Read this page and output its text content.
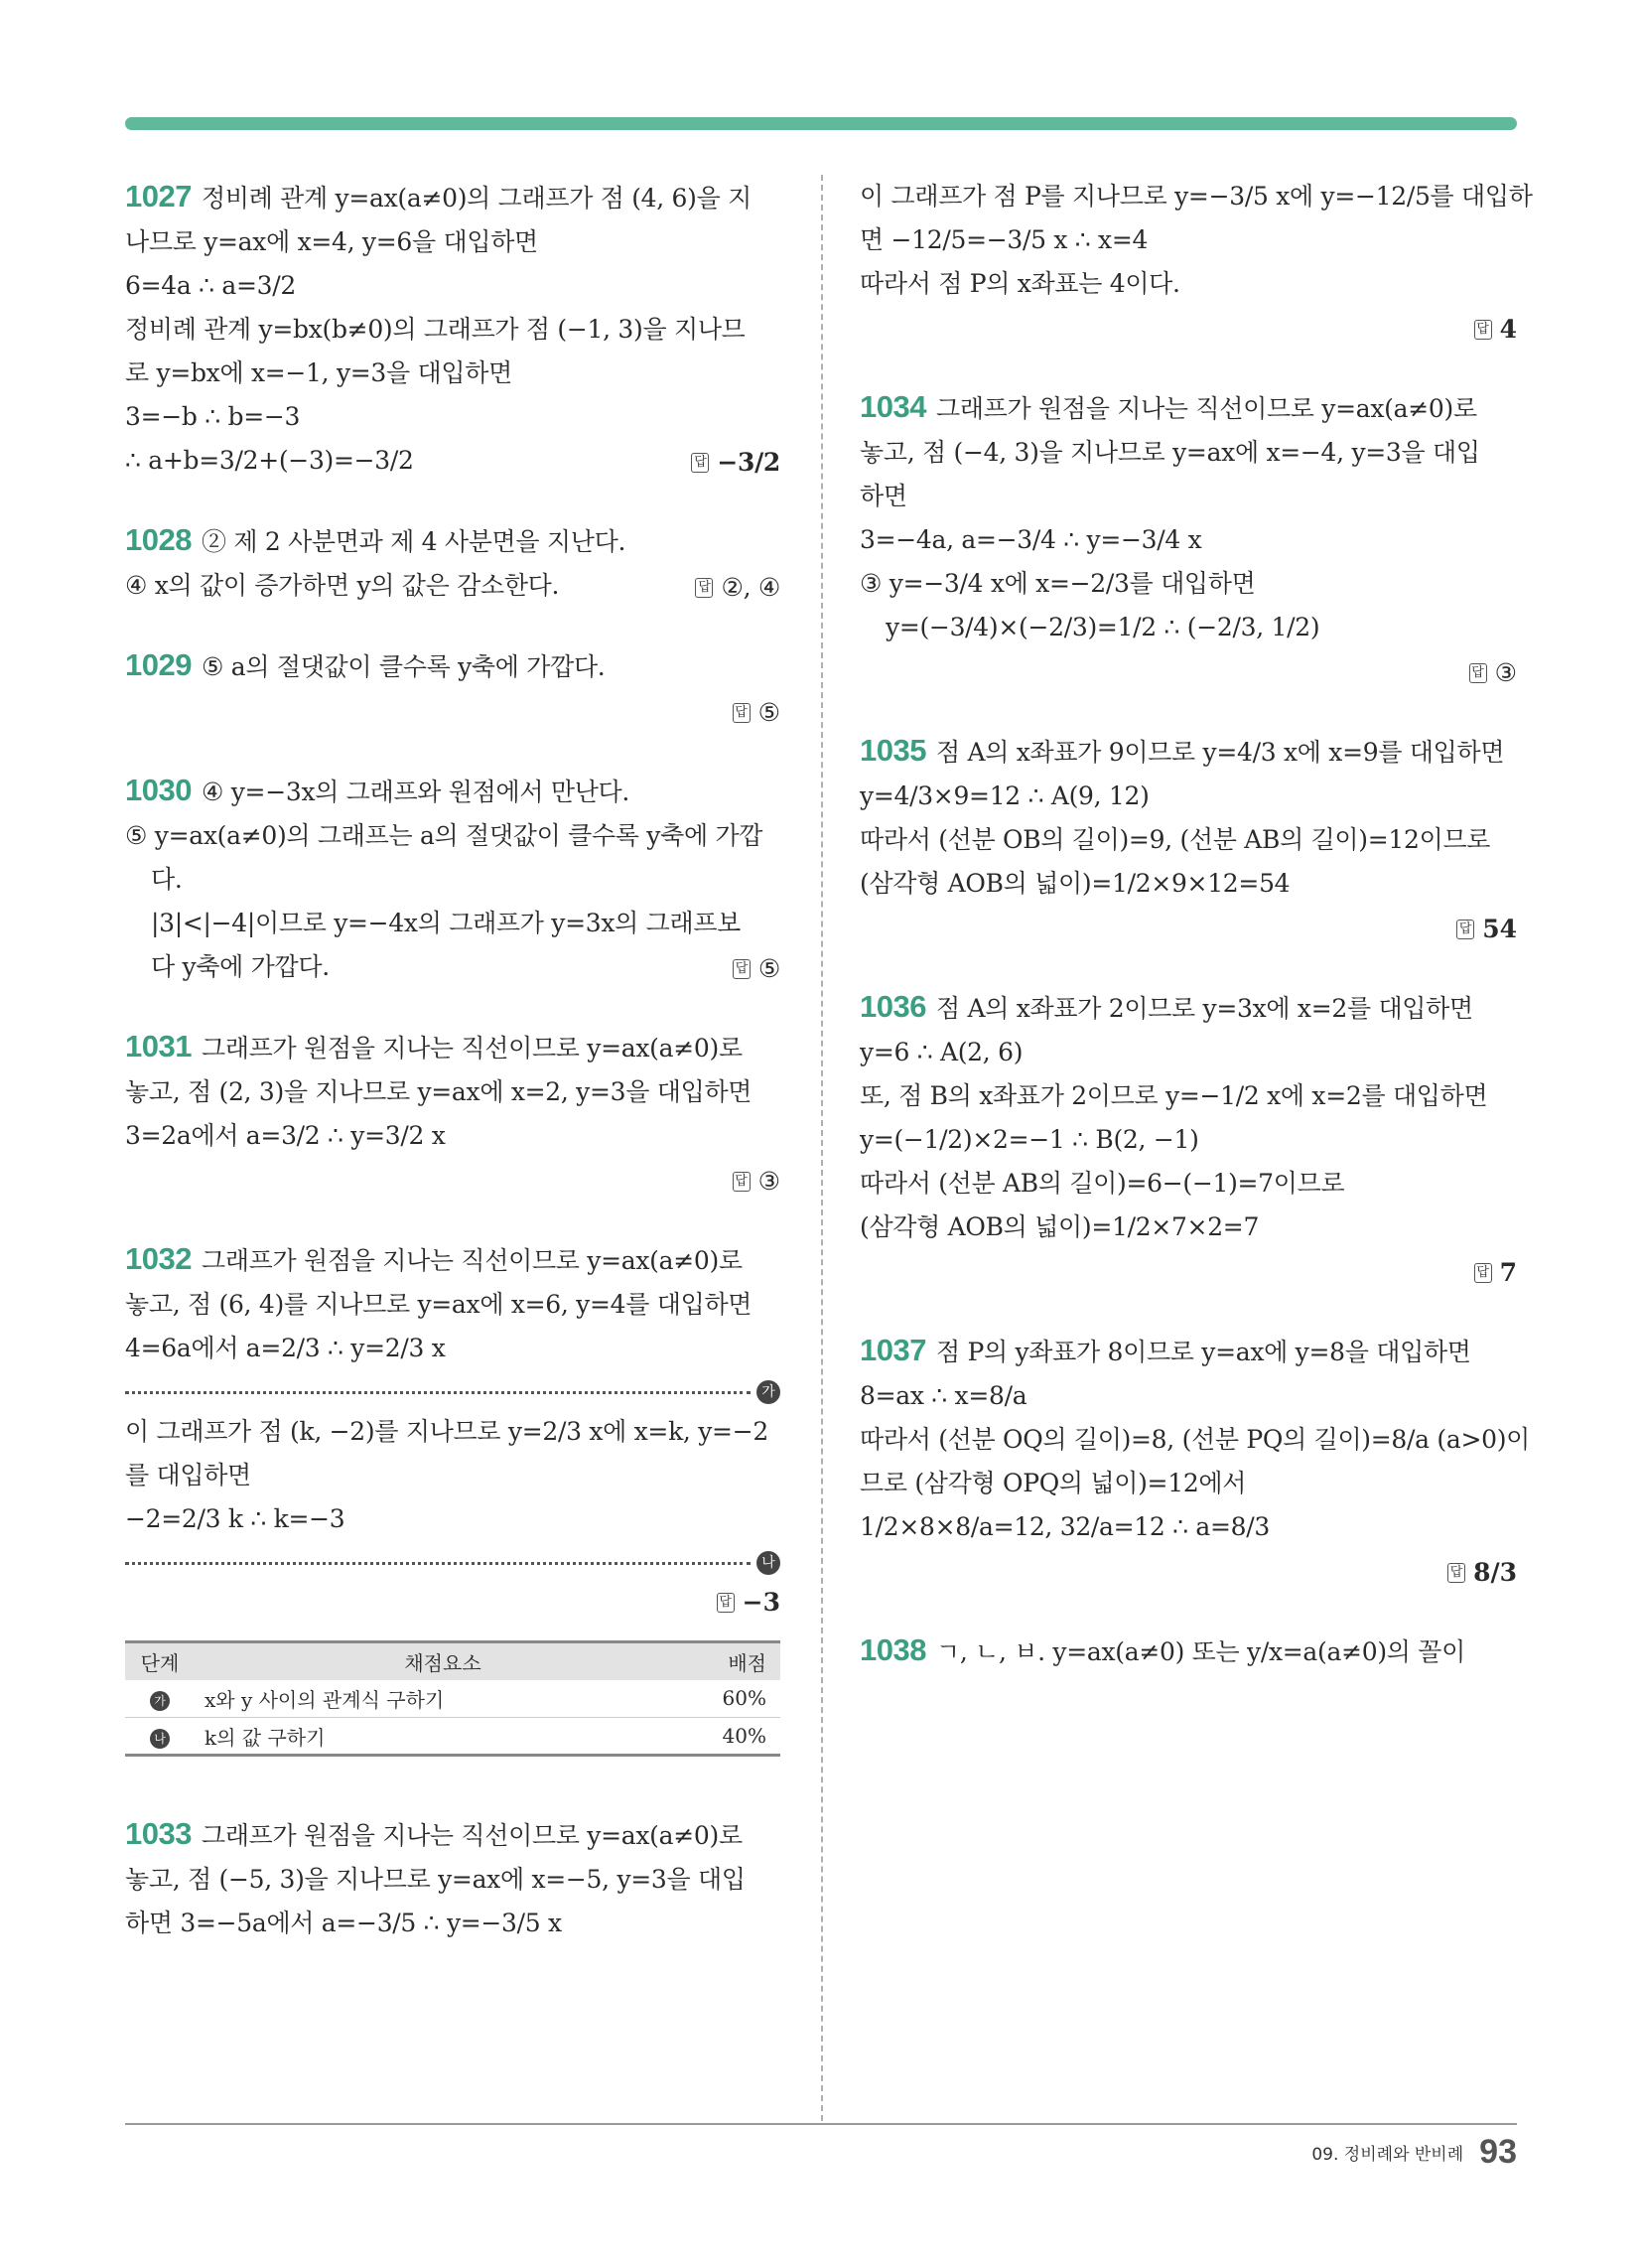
1027 정비례 관계 y=ax(a≠0)의 그래프가 점 (4, 6)을 지
나므로 y=ax에 x=4, y=6을 대입하면
6=4a ∴ a=3/2
정비례 관계 y=bx(b≠0)의 그래프가 점 (−1, 3)을 지나므
로 y=bx에 x=−1, y=3을 대입하면
3=−b ∴ b=−3
∴ a+b=3/2+(−3)=−3/2	답 −3/2
1028 ② 제 2 사분면과 제 4 사분면을 지난다.
④ x의 값이 증가하면 y의 값은 감소한다.	답 ②, ④
1029 ⑤ a의 절댓값이 클수록 y축에 가깝다.
답 ⑤
1030 ④ y=−3x의 그래프와 원점에서 만난다.
⑤ y=ax(a≠0)의 그래프는 a의 절댓값이 클수록 y축에 가깝
다.
|3|<|−4|이므로 y=−4x의 그래프가 y=3x의 그래프보
다 y축에 가깝다.	답 ⑤
1031 그래프가 원점을 지나는 직선이므로 y=ax(a≠0)로
놓고, 점 (2, 3)을 지나므로 y=ax에 x=2, y=3을 대입하면
3=2a에서 a=3/2 ∴ y=3/2 x
답 ③
1032 그래프가 원점을 지나는 직선이므로 y=ax(a≠0)로
놓고, 점 (6, 4)를 지나므로 y=ax에 x=6, y=4를 대입하면
4=6a에서 a=2/3 ∴ y=2/3 x
가
이 그래프가 점 (k, −2)를 지나므로 y=2/3 x에 x=k, y=−2
를 대입하면
−2=2/3 k ∴ k=−3
나
답 −3
단계	채점요소	배점
가	x와 y 사이의 관계식 구하기	60%
나	k의 값 구하기	40%
1033 그래프가 원점을 지나는 직선이므로 y=ax(a≠0)로
놓고, 점 (−5, 3)을 지나므로 y=ax에 x=−5, y=3을 대입
하면 3=−5a에서 a=−3/5 ∴ y=−3/5 x
이 그래프가 점 P를 지나므로 y=−3/5 x에 y=−12/5를 대입하
면 −12/5=−3/5 x ∴ x=4
따라서 점 P의 x좌표는 4이다.
답 4
1034 그래프가 원점을 지나는 직선이므로 y=ax(a≠0)로
놓고, 점 (−4, 3)을 지나므로 y=ax에 x=−4, y=3을 대입
하면
3=−4a, a=−3/4 ∴ y=−3/4 x
③ y=−3/4 x에 x=−2/3를 대입하면
y=(−3/4)×(−2/3)=1/2 ∴ (−2/3, 1/2)
답 ③
1035 점 A의 x좌표가 9이므로 y=4/3 x에 x=9를 대입하면
y=4/3×9=12 ∴ A(9, 12)
따라서 (선분 OB의 길이)=9, (선분 AB의 길이)=12이므로
(삼각형 AOB의 넓이)=1/2×9×12=54
답 54
1036 점 A의 x좌표가 2이므로 y=3x에 x=2를 대입하면
y=6 ∴ A(2, 6)
또, 점 B의 x좌표가 2이므로 y=−1/2 x에 x=2를 대입하면
y=(−1/2)×2=−1 ∴ B(2, −1)
따라서 (선분 AB의 길이)=6−(−1)=7이므로
(삼각형 AOB의 넓이)=1/2×7×2=7
답 7
1037 점 P의 y좌표가 8이므로 y=ax에 y=8을 대입하면
8=ax ∴ x=8/a
따라서 (선분 OQ의 길이)=8, (선분 PQ의 길이)=8/a (a>0)이
므로 (삼각형 OPQ의 넓이)=12에서
1/2×8×8/a=12, 32/a=12 ∴ a=8/3
답 8/3
1038 ㄱ, ㄴ, ㅂ. y=ax(a≠0) 또는 y/x=a(a≠0)의 꼴이
09. 정비례와 반비례 93
